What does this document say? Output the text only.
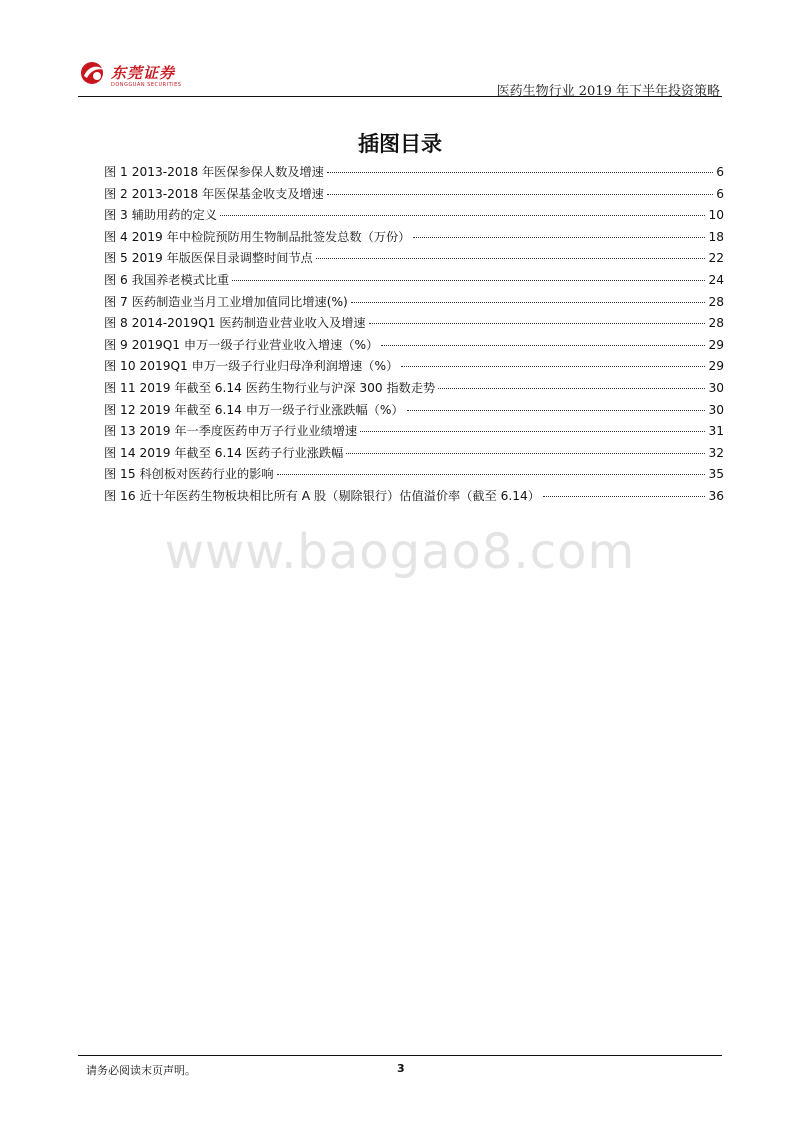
东莞证券
DONGGUAN SECURITIES	医药生物行业 2019 年下半年投资策略
插图目录
图 1 2013-2018 年医保参保人数及增速	6
图 2 2013-2018 年医保基金收支及增速	6
图 3 辅助用药的定义	10
图 4 2019 年中检院预防用生物制品批签发总数（万份）	18
图 5 2019 年版医保目录调整时间节点	22
图 6 我国养老模式比重	24
图 7 医药制造业当月工业增加值同比增速(%)	28
图 8 2014-2019Q1 医药制造业营业收入及增速	28
图 9 2019Q1 申万一级子行业营业收入增速（%）	29
图 10 2019Q1 申万一级子行业归母净利润增速（%）	29
图 11 2019 年截至 6.14 医药生物行业与沪深 300 指数走势	30
图 12 2019 年截至 6.14 申万一级子行业涨跌幅（%）	30
图 13 2019 年一季度医药申万子行业业绩增速	31
图 14 2019 年截至 6.14 医药子行业涨跌幅	32
图 15 科创板对医药行业的影响	35
图 16 近十年医药生物板块相比所有 A 股（剔除银行）估值溢价率（截至 6.14）	36
www.baogao8.com
请务必阅读末页声明。	3
